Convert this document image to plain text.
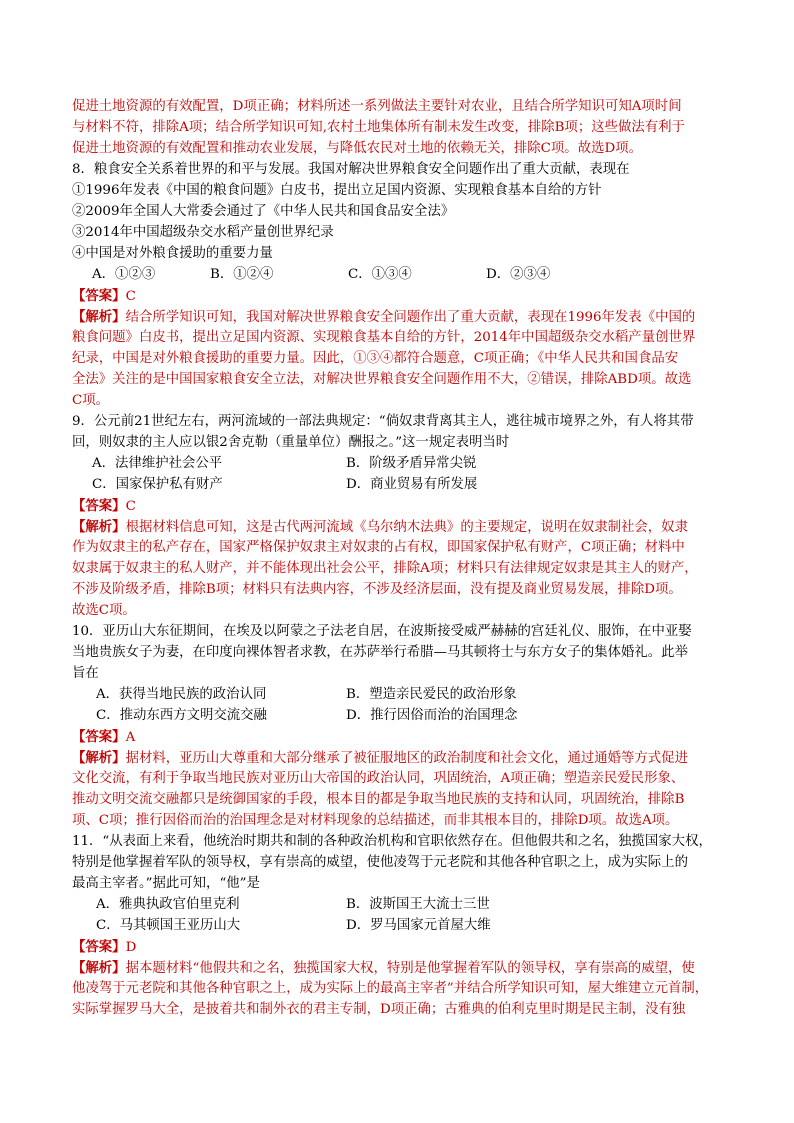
促进土地资源的有效配置，D项正确；材料所述一系列做法主要针对农业，且结合所学知识可知A项时间
与材料不符，排除A项；结合所学知识可知,农村土地集体所有制未发生改变，排除B项；这些做法有利于
促进土地资源的有效配置和推动农业发展，与降低农民对土地的依赖无关，排除C项。故选D项。
8．粮食安全关系着世界的和平与发展。我国对解决世界粮食安全问题作出了重大贡献，表现在
①1996年发表《中国的粮食问题》白皮书，提出立足国内资源、实现粮食基本自给的方针
②2009年全国人大常委会通过了《中华人民共和国食品安全法》
③2014年中国超级杂交水稻产量创世界纪录
④中国是对外粮食援助的重要力量
A．①②③	B．①②④	C．①③④	D．②③④
【答案】C
【解析】结合所学知识可知，我国对解决世界粮食安全问题作出了重大贡献，表现在1996年发表《中国的
粮食问题》白皮书，提出立足国内资源、实现粮食基本自给的方针，2014年中国超级杂交水稻产量创世界
纪录，中国是对外粮食援助的重要力量。因此，①③④都符合题意，C项正确；《中华人民共和国食品安
全法》关注的是中国国家粮食安全立法，对解决世界粮食安全问题作用不大，②错误，排除ABD项。故选
C项。
9．公元前21世纪左右，两河流域的一部法典规定：“倘奴隶背离其主人，逃往城市境界之外，有人将其带
回，则奴隶的主人应以银2舍克勒（重量单位）酬报之。”这一规定表明当时
A．法律维护社会公平	B．阶级矛盾异常尖锐
C．国家保护私有财产	D．商业贸易有所发展
【答案】C
【解析】根据材料信息可知，这是古代两河流域《乌尔纳木法典》的主要规定，说明在奴隶制社会，奴隶
作为奴隶主的私产存在，国家严格保护奴隶主对奴隶的占有权，即国家保护私有财产，C项正确；材料中
奴隶属于奴隶主的私人财产，并不能体现出社会公平，排除A项；材料只有法律规定奴隶是其主人的财产，
不涉及阶级矛盾，排除B项；材料只有法典内容，不涉及经济层面，没有提及商业贸易发展，排除D项。
故选C项。
10．亚历山大东征期间，在埃及以阿蒙之子法老自居，在波斯接受威严赫赫的宫廷礼仪、服饰，在中亚娶
当地贵族女子为妻，在印度向裸体智者求教，在苏萨举行希腊—马其顿将士与东方女子的集体婚礼。此举
旨在
A．获得当地民族的政治认同	B．塑造亲民爱民的政治形象
C．推动东西方文明交流交融	D．推行因俗而治的治国理念
【答案】A
【解析】据材料，亚历山大尊重和大部分继承了被征服地区的政治制度和社会文化，通过通婚等方式促进
文化交流，有利于争取当地民族对亚历山大帝国的政治认同，巩固统治，A项正确；塑造亲民爱民形象、
推动文明交流交融都只是统御国家的手段，根本目的都是争取当地民族的支持和认同，巩固统治，排除B
项、C项；推行因俗而治的治国理念是对材料现象的总结描述，而非其根本目的，排除D项。故选A项。
11．“从表面上来看，他统治时期共和制的各种政治机构和官职依然存在。但他假共和之名，独揽国家大权，
特别是他掌握着军队的领导权，享有崇高的威望，使他凌驾于元老院和其他各种官职之上，成为实际上的
最高主宰者。”据此可知，“他”是
A．雅典执政官伯里克利	B．波斯国王大流士三世
C．马其顿国王亚历山大	D．罗马国家元首屋大维
【答案】D
【解析】据本题材料“他假共和之名，独揽国家大权，特别是他掌握着军队的领导权，享有崇高的威望，使
他凌驾于元老院和其他各种官职之上，成为实际上的最高主宰者”并结合所学知识可知，屋大维建立元首制，
实际掌握罗马大全，是披着共和制外衣的君主专制，D项正确；古雅典的伯利克里时期是民主制，没有独
